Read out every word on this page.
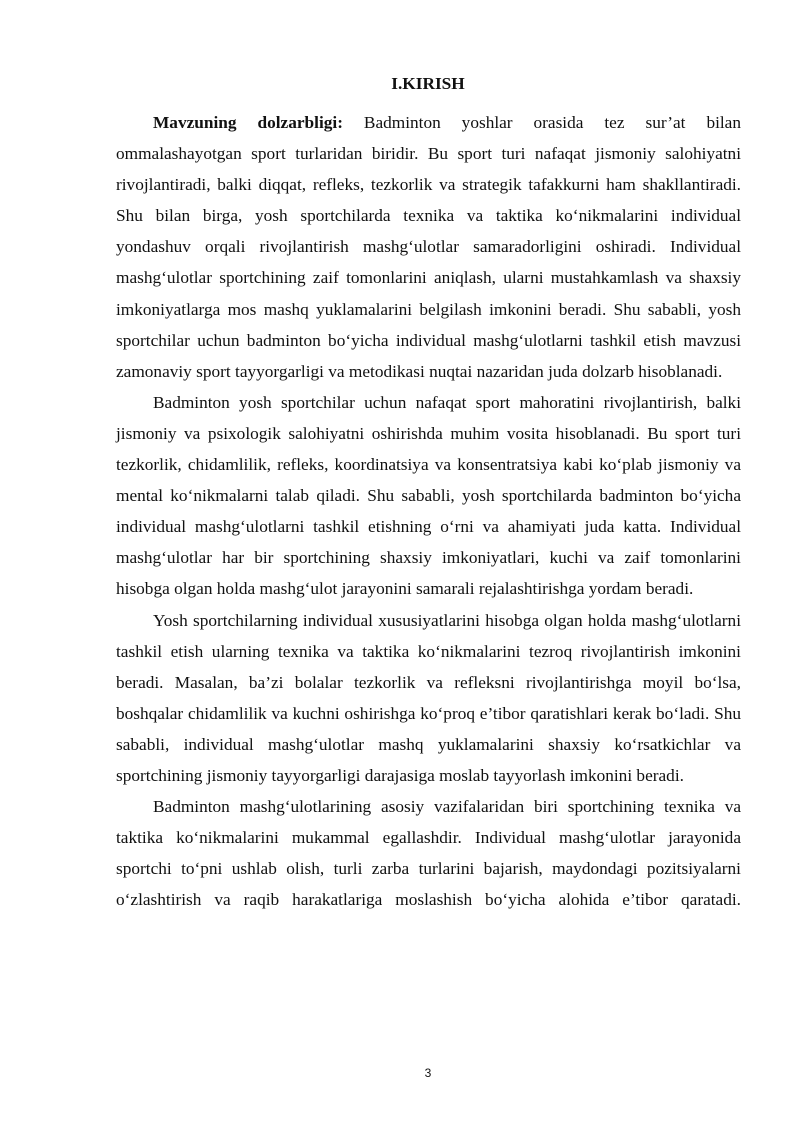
I.KIRISH

Mavzuning dolzarbligi: Badminton yoshlar orasida tez sur’at bilan ommalashayotgan sport turlaridan biridir. Bu sport turi nafaqat jismoniy salohiyatni rivojlantiradi, balki diqqat, refleks, tezkorlik va strategik tafakkurni ham shakllantiradi. Shu bilan birga, yosh sportchilarda texnika va taktika ko‘nikmalarini individual yondashuv orqali rivojlantirish mashg‘ulotlar samaradorligini oshiradi. Individual mashg‘ulotlar sportchining zaif tomonlarini aniqlash, ularni mustahkamlash va shaxsiy imkoniyatlarga mos mashq yuklamalarini belgilash imkonini beradi. Shu sababli, yosh sportchilar uchun badminton bo‘yicha individual mashg‘ulotlarni tashkil etish mavzusi zamonaviy sport tayyorgarligi va metodikasi nuqtai nazaridan juda dolzarb hisoblanadi.

Badminton yosh sportchilar uchun nafaqat sport mahoratini rivojlantirish, balki jismoniy va psixologik salohiyatni oshirishda muhim vosita hisoblanadi. Bu sport turi tezkorlik, chidamlilik, refleks, koordinatsiya va konsentratsiya kabi ko‘plab jismoniy va mental ko‘nikmalarni talab qiladi. Shu sababli, yosh sportchilarda badminton bo‘yicha individual mashg‘ulotlarni tashkil etishning o‘rni va ahamiyati juda katta. Individual mashg‘ulotlar har bir sportchining shaxsiy imkoniyatlari, kuchi va zaif tomonlarini hisobga olgan holda mashg‘ulot jarayonini samarali rejalashtirishga yordam beradi.

Yosh sportchilarning individual xususiyatlarini hisobga olgan holda mashg‘ulotlarni tashkil etish ularning texnika va taktika ko‘nikmalarini tezroq rivojlantirish imkonini beradi. Masalan, ba’zi bolalar tezkorlik va refleksni rivojlantirishga moyil bo‘lsa, boshqalar chidamlilik va kuchni oshirishga ko‘proq e’tibor qaratishlari kerak bo‘ladi. Shu sababli, individual mashg‘ulotlar mashq yuklamalarini shaxsiy ko‘rsatkichlar va sportchining jismoniy tayyorgarligi darajasiga moslab tayyorlash imkonini beradi.

Badminton mashg‘ulotlarining asosiy vazifalaridan biri sportchining texnika va taktika ko‘nikmalarini mukammal egallashdir. Individual mashg‘ulotlar jarayonida sportchi to‘pni ushlab olish, turli zarba turlarini bajarish, maydondagi pozitsiyalarni o‘zlashtirish va raqib harakatlariga moslashish bo‘yicha alohida e’tibor qaratadi.

3
